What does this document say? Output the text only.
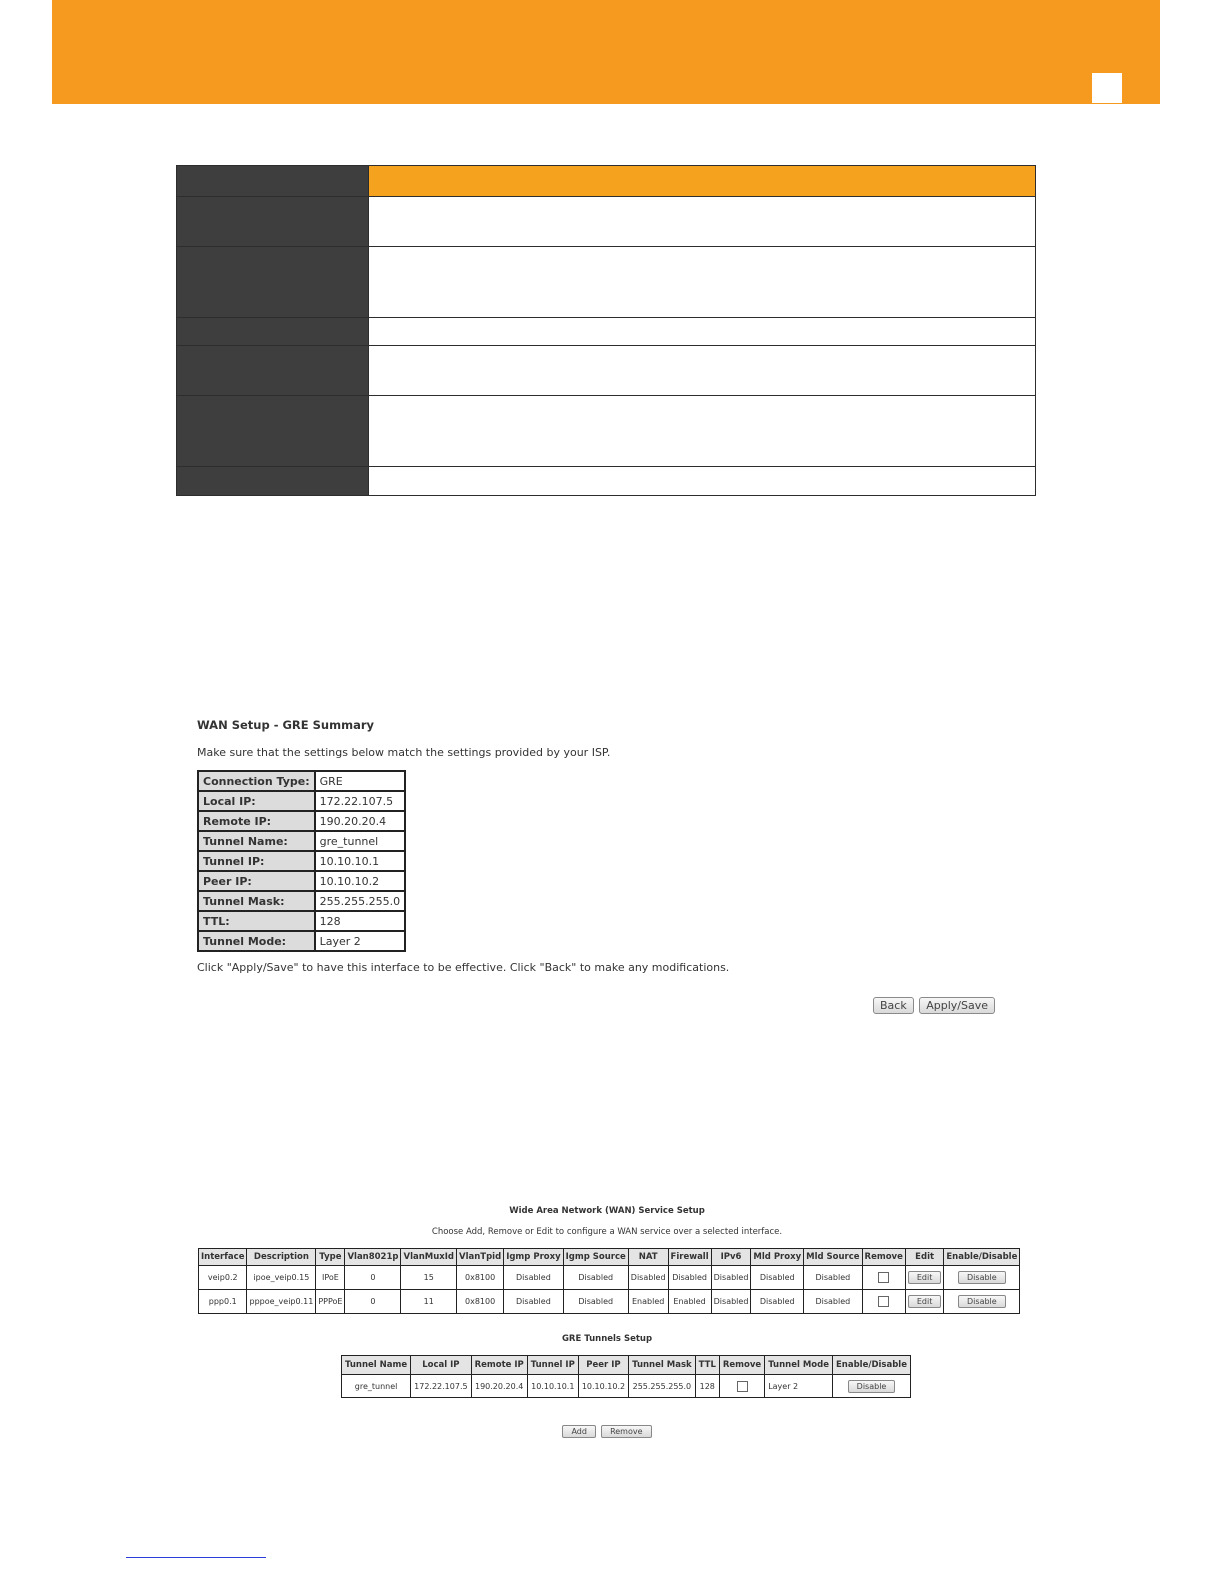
WAN Setup - GRE Summary

Make sure that the settings below match the settings provided by your ISP.

Connection Type:	GRE
Local IP:	172.22.107.5
Remote IP:	190.20.20.4
Tunnel Name:	gre_tunnel
Tunnel IP:	10.10.10.1
Peer IP:	10.10.10.2
Tunnel Mask:	255.255.255.0
TTL:	128
Tunnel Mode:	Layer 2

Click "Apply/Save" to have this interface to be effective. Click "Back" to make any modifications.

Back Apply/Save

Wide Area Network (WAN) Service Setup

Choose Add, Remove or Edit to configure a WAN service over a selected interface.

Interface	Description	Type	Vlan8021p	VlanMuxId	VlanTpid	Igmp Proxy	Igmp Source	NAT	Firewall	IPv6	Mld Proxy	Mld Source	Remove	Edit	Enable/Disable
veip0.2	ipoe_veip0.15	IPoE	0	15	0x8100	Disabled	Disabled	Disabled	Disabled	Disabled	Disabled	Disabled		Edit	Disable
ppp0.1	pppoe_veip0.11	PPPoE	0	11	0x8100	Disabled	Disabled	Enabled	Enabled	Disabled	Disabled	Disabled		Edit	Disable

GRE Tunnels Setup

Tunnel Name	Local IP	Remote IP	Tunnel IP	Peer IP	Tunnel Mask	TTL	Remove	Tunnel Mode	Enable/Disable
gre_tunnel	172.22.107.5	190.20.20.4	10.10.10.1	10.10.10.2	255.255.255.0	128		Layer 2	Disable
Add	Remove
